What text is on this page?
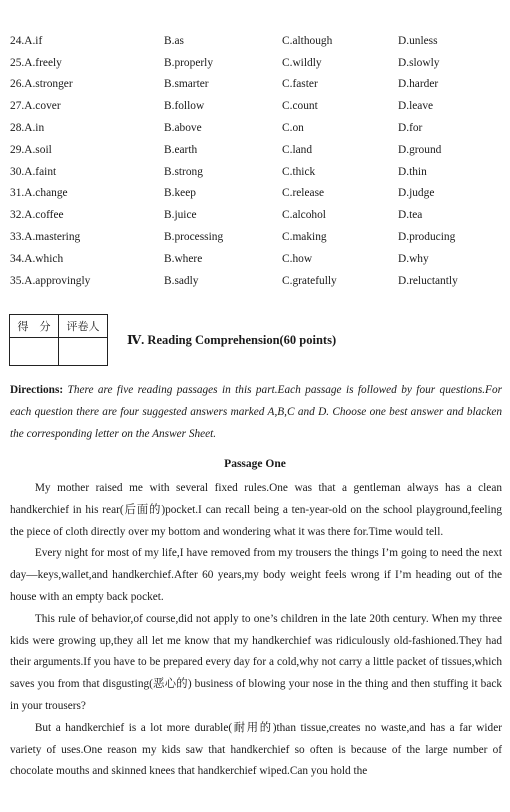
24.A.if	B.as	C.although	D.unless
25.A.freely	B.properly	C.wildly	D.slowly
26.A.stronger	B.smarter	C.faster	D.harder
27.A.cover	B.follow	C.count	D.leave
28.A.in	B.above	C.on	D.for
29.A.soil	B.earth	C.land	D.ground
30.A.faint	B.strong	C.thick	D.thin
31.A.change	B.keep	C.release	D.judge
32.A.coffee	B.juice	C.alcohol	D.tea
33.A.mastering	B.processing	C.making	D.producing
34.A.which	B.where	C.how	D.why
35.A.approvingly	B.sadly	C.gratefully	D.reluctantly
得　分	评卷人

Ⅳ. Reading Comprehension(60 points)
Directions: There are five reading passages in this part.Each passage is followed by four questions.For each question there are four suggested answers marked A,B,C and D. Choose one best answer and blacken the corresponding letter on the Answer Sheet.
Passage One

My mother raised me with several fixed rules.One was that a gentleman always has a clean handkerchief in his rear(后面的)pocket.I can recall being a ten-year-old on the school playground,feeling the piece of cloth directly over my bottom and wondering what it was there for.Time would tell.

Every night for most of my life,I have removed from my trousers the things I’m going to need the next day—keys,wallet,and handkerchief.After 60 years,my body weight feels wrong if I’m heading out of the house with an empty back pocket.

This rule of behavior,of course,did not apply to one’s children in the late 20th century. When my three kids were growing up,they all let me know that my handkerchief was ridiculously old-fashioned.They had their arguments.If you have to be prepared every day for a cold,why not carry a little packet of tissues,which saves you from that disgusting(恶心的) business of blowing your nose in the thing and then stuffing it back in your trousers?

But a handkerchief is a lot more durable(耐用的)than tissue,creates no waste,and has a far wider variety of uses.One reason my kids saw that handkerchief so often is because of the large number of chocolate mouths and skinned knees that handkerchief wiped.Can you hold the
